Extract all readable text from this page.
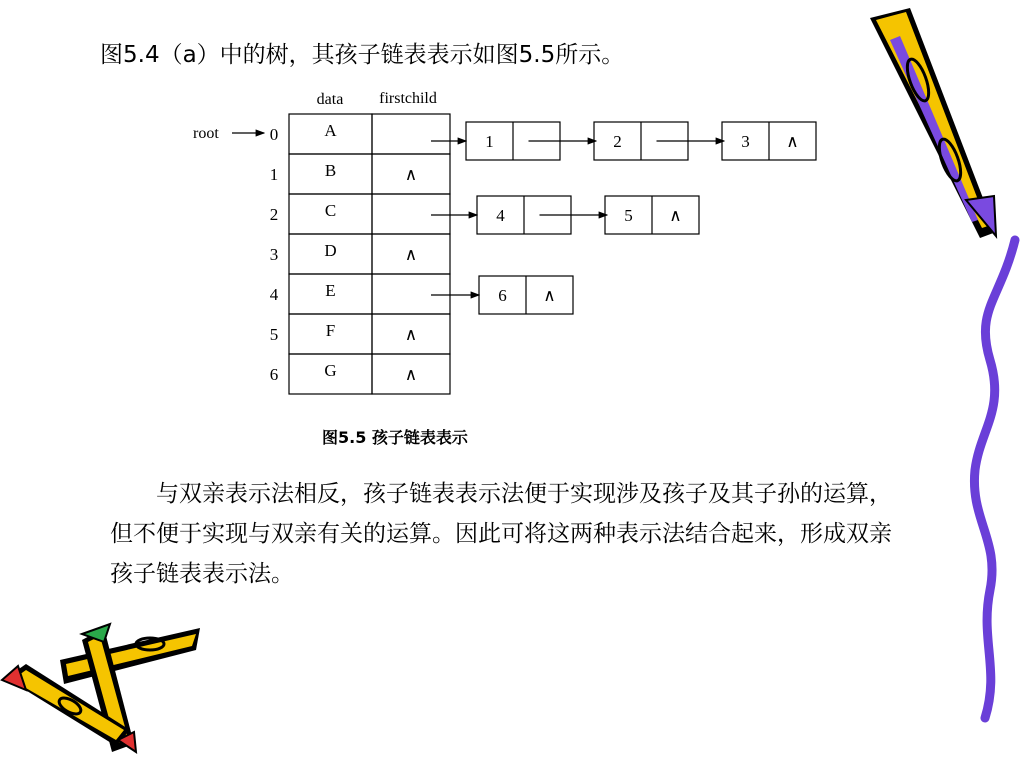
图5.4（a）中的树，其孩子链表表示如图5.5所示。
data firstchild
root	0	A
1	B	∧
2	C
3	D	∧
4	E
5	F	∧
6	G	∧
1	2	3 ∧
4	5 ∧
6 ∧
图5.5 孩子链表表示
与双亲表示法相反，孩子链表表示法便于实现涉及孩子及其子孙的运算，但不便于实现与双亲有关的运算。因此可将这两种表示法结合起来，形成双亲孩子链表表示法。
